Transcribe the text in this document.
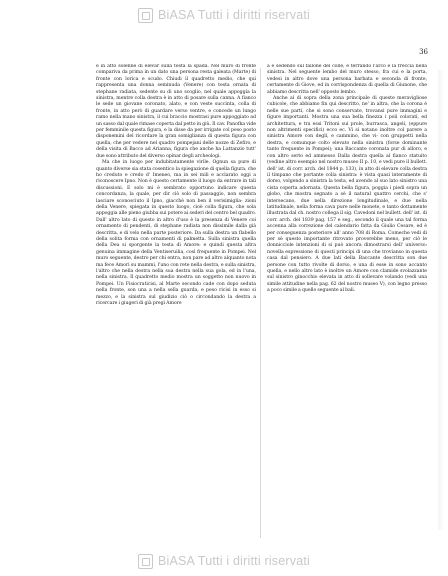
BiASA Tutti i diritti riservati
36

è in atto solenne di elevar sulla testa la spada. Nel muro di fronte compariva da prima in un dato una persona resta galeata (Marte) di fronte con lorica e scudo. Chiudi il quadretto medio, che qui rappresenta una donna seminuda (Venere) con testa ornata di stephane radiata, sedente su di uno scoglio, nel quale appoggia la sinistra, mentre colla destra è in atto di posare sulla canna. A fianco le sede un giovane coronato, alato, e con veste succinta, colla di fronte, in atto però di guardare verso ventre, e concede un lungo ramo nella mano sinistra, il cui braccio mostrasi pure appoggiato ad un sasso dal quale rimase coperta dal petto in giù. Il cav. Panofka vide per femminile questa figura, e la disse da per irrigate col peso posto disponemini del ricordare la gran somiglianza di questa figura con quella, che per vedere nel quadro pompejani delle nozze di Zefiro, e della visita di Bacco ad Arianna, figura che anche ha Lattanzio tutt' due sono attributo del diverso opinar degli archeologi.

Ma che in luogo per indubitatamente virile. Ognun sa pure di quanto diverse sia stata cosentico la spiegazione di quella figura, che ho creduto e credo d' Imeneo, ma in sei mili e acclarato oggi a riconoscere Ipno. Non è questo certamente il luogo da entrare in tali discussioni. E solo mi è sembrato opportuno indicare questa concordanza, la quale, per dir ciò solo di passaggio, non sembra lasciare sconosciuto il Ipno, giacchè non ben il verisimiglia- zioni della Venere, spiegata in questo luogo, cioè colla figura, che sola appoggia alle pieno giubba sui potere ai sederi del centro bel quadro. Dall' altro lato di questo in altro d'uso è la presenza di Venere coi ornamento di pendenti, di stephane radiata non dissimile dalla già descritta, e di velo nella parte posteriore. Da sulla destra un flabello della solita forma con ornamenti di palmetta. Sulla sinistra quella della Dea si sporgente la testa di Amore: e quindi questa altra genuina immagine della Ventiseruilia, così frequente in Pompei. Nel muro seguente, destro per chi entra, non pare ad altro alquanto nota ma fece Amori su mammi, l'uno con rete nella destra, e sulla sinistra, l'altro che nella destra nella sua destra nella sua gola, ed in l'una, nella sinistra. Il quadretto medio mostra un soggetto non nuovo in Pompei. Un Fisiocraticisi, al Marte secondo cade con dopo seduta nella fronte, son una a nella sella guarda, e peso ricisi in esso si mezzo, e la sinistra sul giudizio ciò o circondando la destra a ricercare i giugeri di già pregi Amore

a è sedendo sul fallone del colle, e terrando l'arco e la freccia nella sinistra. Nel seguente lembo del muro stesso, fra cui e la porta, vedesi in altro dove una persona barbata e seconda di fronte, certamente di Giove, ed in corrispondenza di quella di Giunone, che abbiamo descritta nell' opposto lembo.

Anche al di sopra della zona principale di queste meravigliose cubicole, che abbiamo fin qui descritto, ne' in altra, che la corona è nelle sue parti, che si sono conservate, trovansi pure immagini e figure importanti. Mostra una sua bella finezza i poli colorati, ed architettura, e tra essi Tritoni sui prole, burrasca, angeli, (eppure non altrimenti specifici) ecco ec. Vi si notano inoltre col parere a sinistra Amore con degli, e cammino, che vi- con gruppetti nella destra, e comunque colto elevato nella sinistra (forse dominante tanto frequente in Pompei); una Baccante coronata pur di alloro, e con altro serto ed ammesso Dalla destra quella al fianco statuito (vedine altro esempio nel nostro museo II p. 10, e vedi pure il bullett. dell' ist. di corr. arch. del 1844 p. 133), in atto di elevare colla destra il timpano che portante colla sinistra: è vista quasi interamente di dorso, volgendo a sinistra la testa, ed avendo al suo lato sinistro una cista coperta adornata. Questa bella figura, poggia i piedi sopra un globo, che mostra segnato a sè il natural quattro cerchi, che s' intersecano, due nella direzione longitudinale, e due nella latitudinale, nella forma cava pure nelle monete, e tanto dottamente illustrata dal ch. nostro collega il sig. Cavedoni nel bullett. dell' ist. di corr. arch. del 1839 pag. 157 e seg., secondo il quale una tal forma accenna alla correzione del calendario fatta da Giulio Cesare, ed è per conseguenza posteriore all' anno 708 di Roma. Comeche vedi di per sè questo importante ritrovato proverebbe meno, per ciò le donnicciole intenzioni di si può ancora dimostrarsi dell' universo: novella espressione di questi principi di una che trovianso in questa casa dal pensiero. A due lati della Baccante descritta son due persone con tutto rivolte di dorso, e una di esse in sono accanto quella, e nello altro lato è inoltre un Amore con clamide svolazzante sul sinistro ginocchio elevata in atto di sollevare volando (vedi una simile attitudine nella pag. 62 del nostro museo V), con legno presso a poco simile a quello seguente al bali.

BiASA Tutti i diritti riservati
